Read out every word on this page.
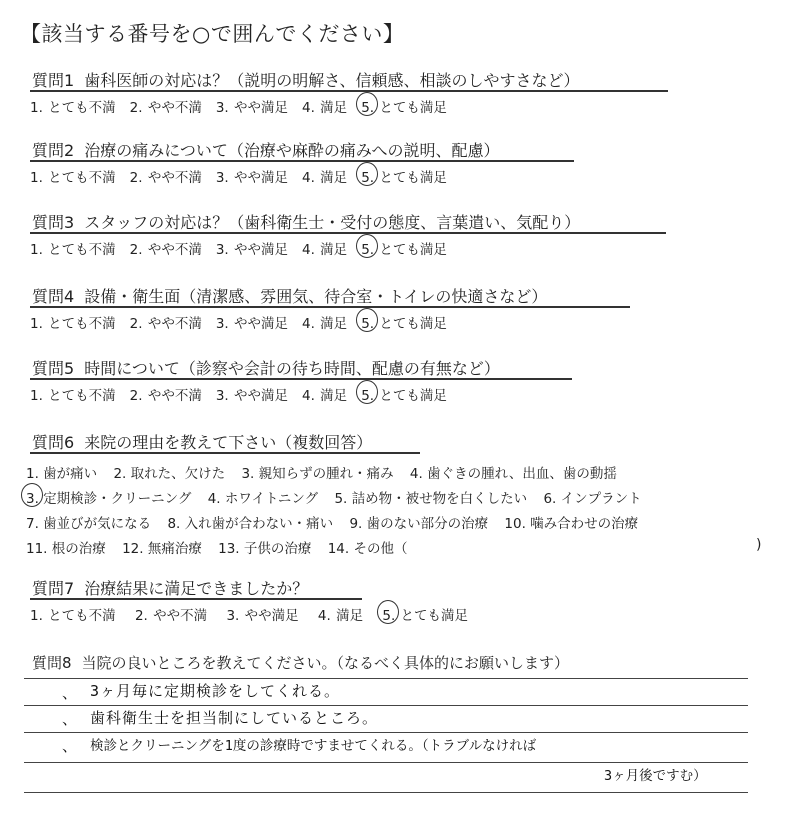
【該当する番号を○で囲んでください】
質問1 歯科医師の対応は？（説明の明解さ、信頼感、相談のしやすさなど）
1. とても不満 2. やや不満 3. やや満足 4. 満足 5. とても満足
質問2 治療の痛みについて（治療や麻酔の痛みへの説明、配慮）
1. とても不満 2. やや不満 3. やや満足 4. 満足 5. とても満足
質問3 スタッフの対応は？（歯科衛生士・受付の態度、言葉遣い、気配り）
1. とても不満 2. やや不満 3. やや満足 4. 満足 5. とても満足
質問4 設備・衛生面（清潔感、雰囲気、待合室・トイレの快適さなど）
1. とても不満 2. やや不満 3. やや満足 4. 満足 5. とても満足
質問5 時間について（診察や会計の待ち時間、配慮の有無など）
1. とても不満 2. やや不満 3. やや満足 4. 満足 5. とても満足
質問6 来院の理由を教えて下さい（複数回答）
1. 歯が痛い 2. 取れた、欠けた 3. 親知らずの腫れ・痛み 4. 歯ぐきの腫れ、出血、歯の動揺
3. 定期検診・クリーニング 4. ホワイトニング 5. 詰め物・被せ物を白くしたい 6. インプラント
7. 歯並びが気になる 8. 入れ歯が合わない・痛い 9. 歯のない部分の治療 10. 噛み合わせの治療
11. 根の治療 12. 無痛治療 13. 子供の治療 14. その他（	)
質問7 治療結果に満足できましたか？
1. とても不満 2. やや不満 3. やや満足 4. 満足 5. とても満足
質問8 当院の良いところを教えてください。（なるべく具体的にお願いします）
、 3ヶ月毎に定期検診をしてくれる。
、 歯科衛生士を担当制にしているところ。
、 検診とクリーニングを1度の診療時ですませてくれる。（トラブルなければ
3ヶ月後ですむ）
